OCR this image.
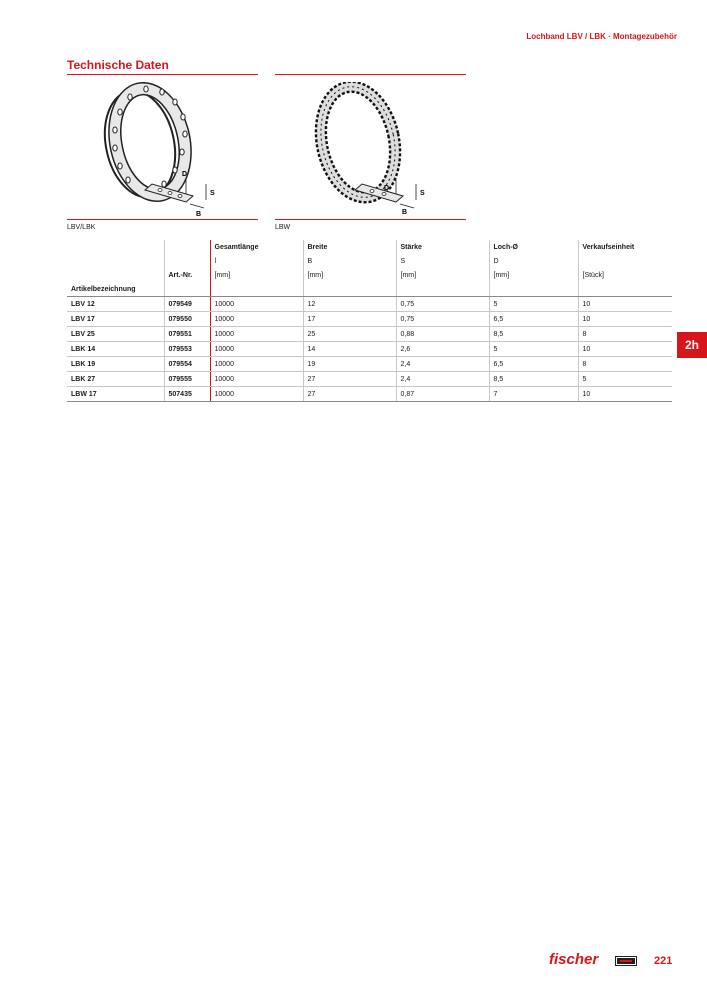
Lochband LBV / LBK · Montagezubehör
Technische Daten
D
S
B
D
S
B
LBV/LBK	LBW
2h
		Gesamtlänge	Breite	Stärke	Loch-Ø	Verkaufseinheit
		l	B	S	D	
	Art.-Nr.	[mm]	[mm]	[mm]	[mm]	[Stück]
Artikelbezeichnung						
LBV 12	079549	10000	12	0,75	5	10
LBV 17	079550	10000	17	0,75	6,5	10
LBV 25	079551	10000	25	0,88	8,5	8
LBK 14	079553	10000	14	2,6	5	10
LBK 19	079554	10000	19	2,4	6,5	8
LBK 27	079555	10000	27	2,4	8,5	5
LBW 17	507435	10000	27	0,87	7	10
fischer	221
